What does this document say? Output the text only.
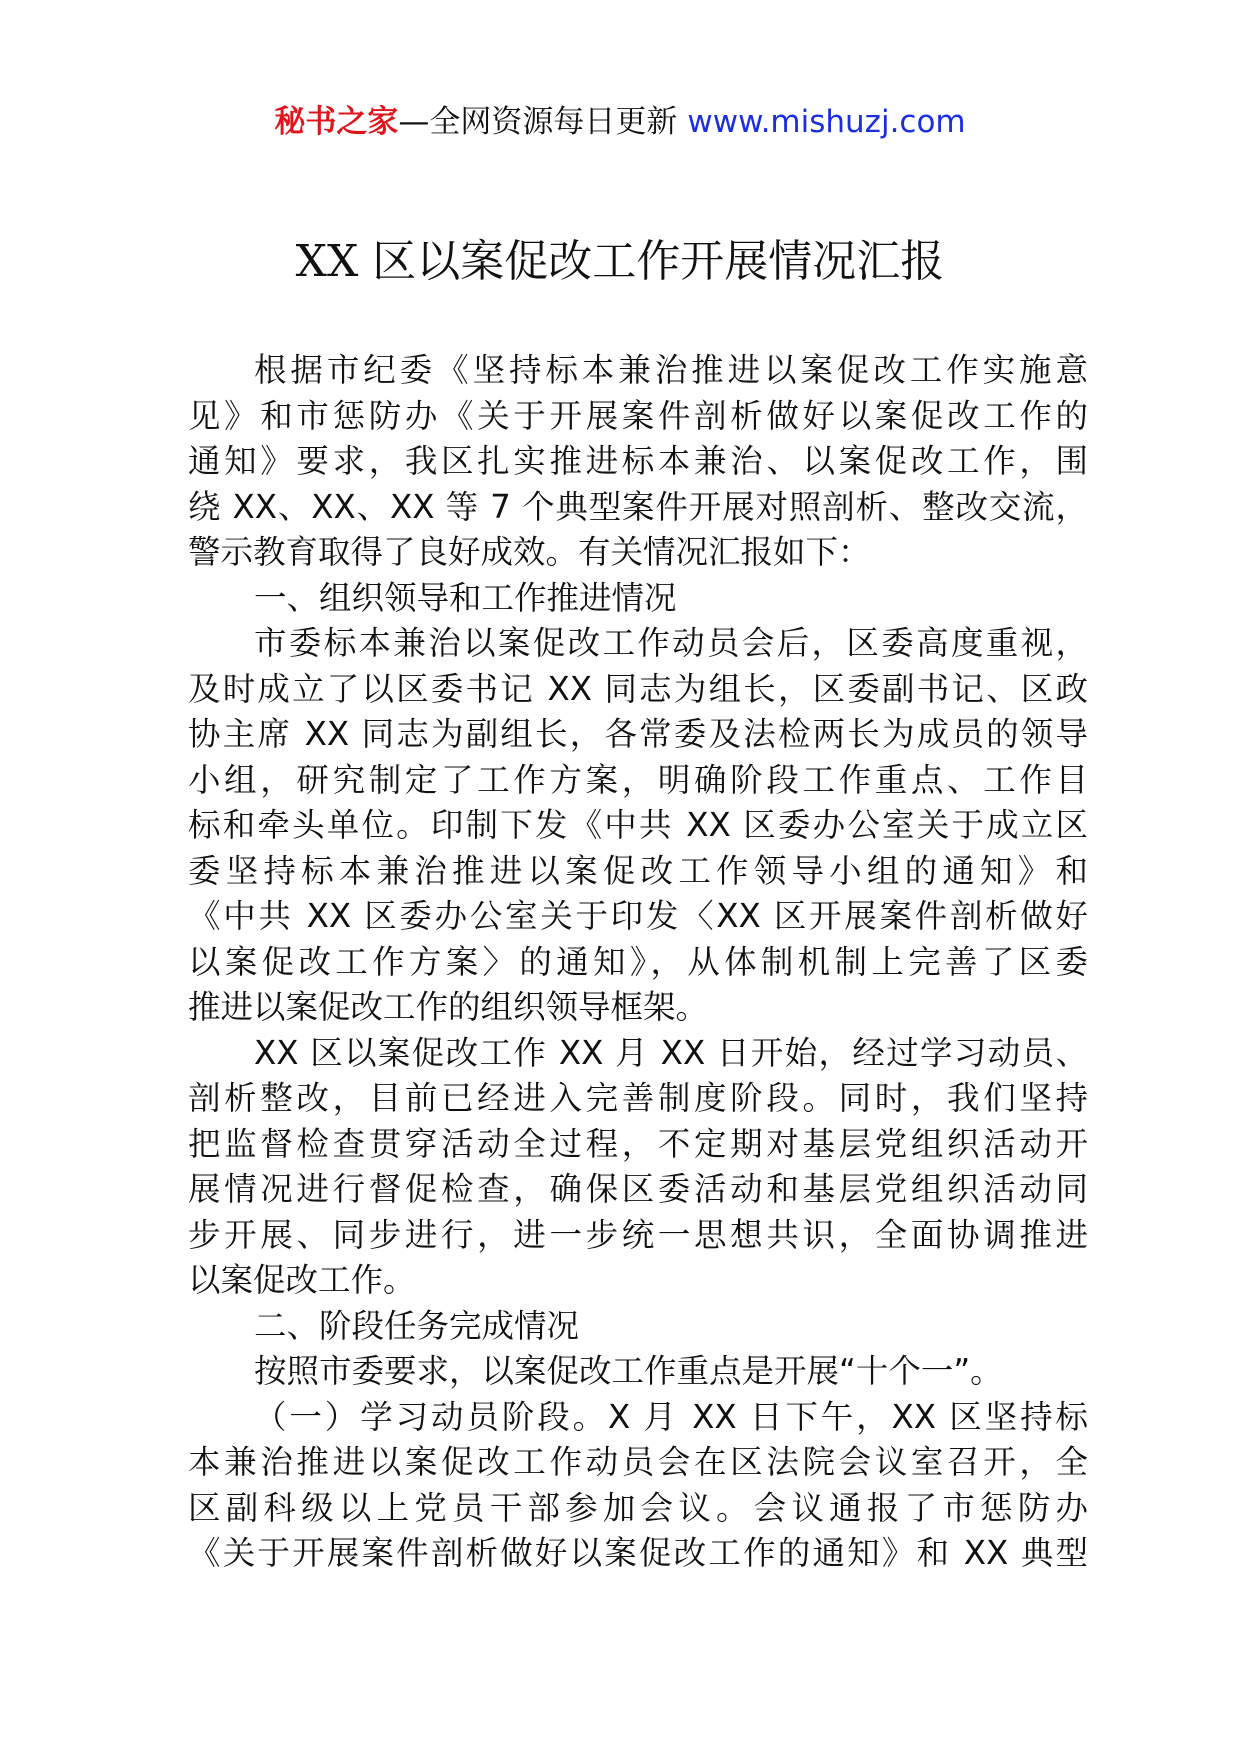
秘书之家—全网资源每日更新 www.mishuzj.com
XX 区以案促改工作开展情况汇报
根据市纪委《坚持标本兼治推进以案促改工作实施意
见》和市惩防办《关于开展案件剖析做好以案促改工作的
通知》要求，我区扎实推进标本兼治、以案促改工作，围
绕 XX、XX、XX 等 7 个典型案件开展对照剖析、整改交流，
警示教育取得了良好成效。有关情况汇报如下：
一、组织领导和工作推进情况
市委标本兼治以案促改工作动员会后，区委高度重视，
及时成立了以区委书记 XX 同志为组长，区委副书记、区政
协主席 XX 同志为副组长，各常委及法检两长为成员的领导
小组，研究制定了工作方案，明确阶段工作重点、工作目
标和牵头单位。印制下发《中共 XX 区委办公室关于成立区
委坚持标本兼治推进以案促改工作领导小组的通知》和
《中共 XX 区委办公室关于印发〈XX 区开展案件剖析做好
以案促改工作方案〉的通知》，从体制机制上完善了区委
推进以案促改工作的组织领导框架。
XX 区以案促改工作 XX 月 XX 日开始，经过学习动员、
剖析整改，目前已经进入完善制度阶段。同时，我们坚持
把监督检查贯穿活动全过程，不定期对基层党组织活动开
展情况进行督促检查，确保区委活动和基层党组织活动同
步开展、同步进行，进一步统一思想共识，全面协调推进
以案促改工作。
二、阶段任务完成情况
按照市委要求，以案促改工作重点是开展“十个一”。
（一）学习动员阶段。X 月 XX 日下午，XX 区坚持标
本兼治推进以案促改工作动员会在区法院会议室召开，全
区副科级以上党员干部参加会议。会议通报了市惩防办
《关于开展案件剖析做好以案促改工作的通知》和 XX 典型
